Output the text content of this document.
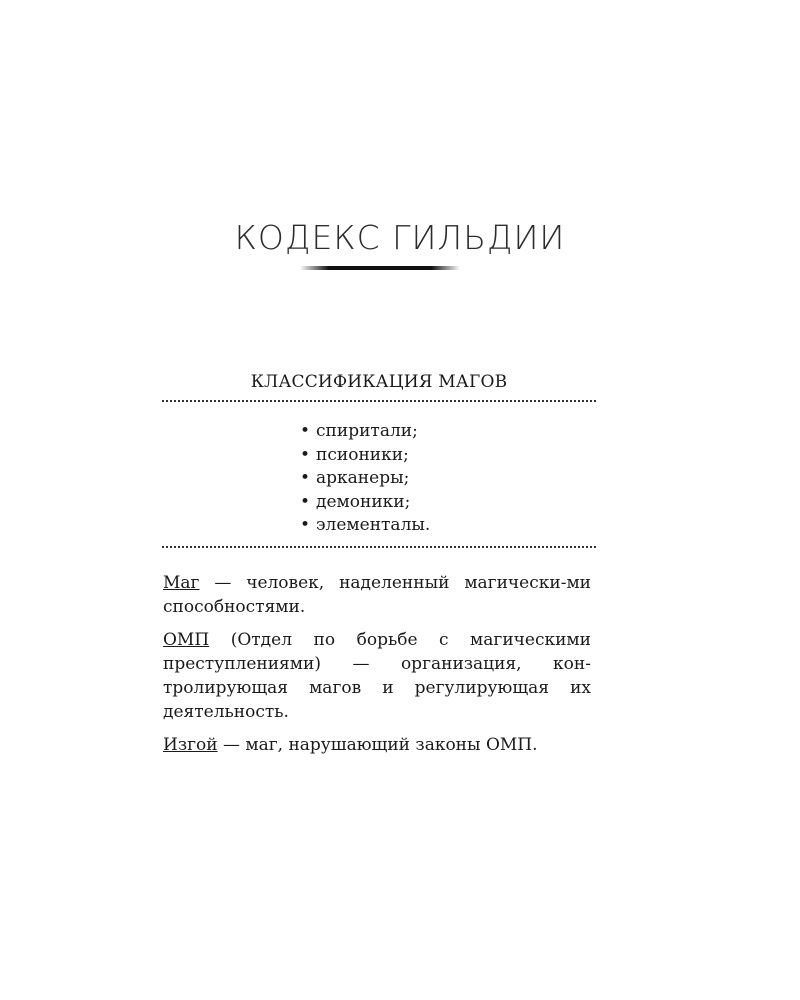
КОДЕКС ГИЛЬДИИ
КЛАССИФИКАЦИЯ МАГОВ
• спиритали;
• псионики;
• арканеры;
• демоники;
• элементалы.

Маг — человек, наделенный магически-ми способностями.

ОМП (Отдел по борьбе с магическими преступлениями) — организация, кон-тролирующая магов и регулирующая их деятельность.

Изгой — маг, нарушающий законы ОМП.
